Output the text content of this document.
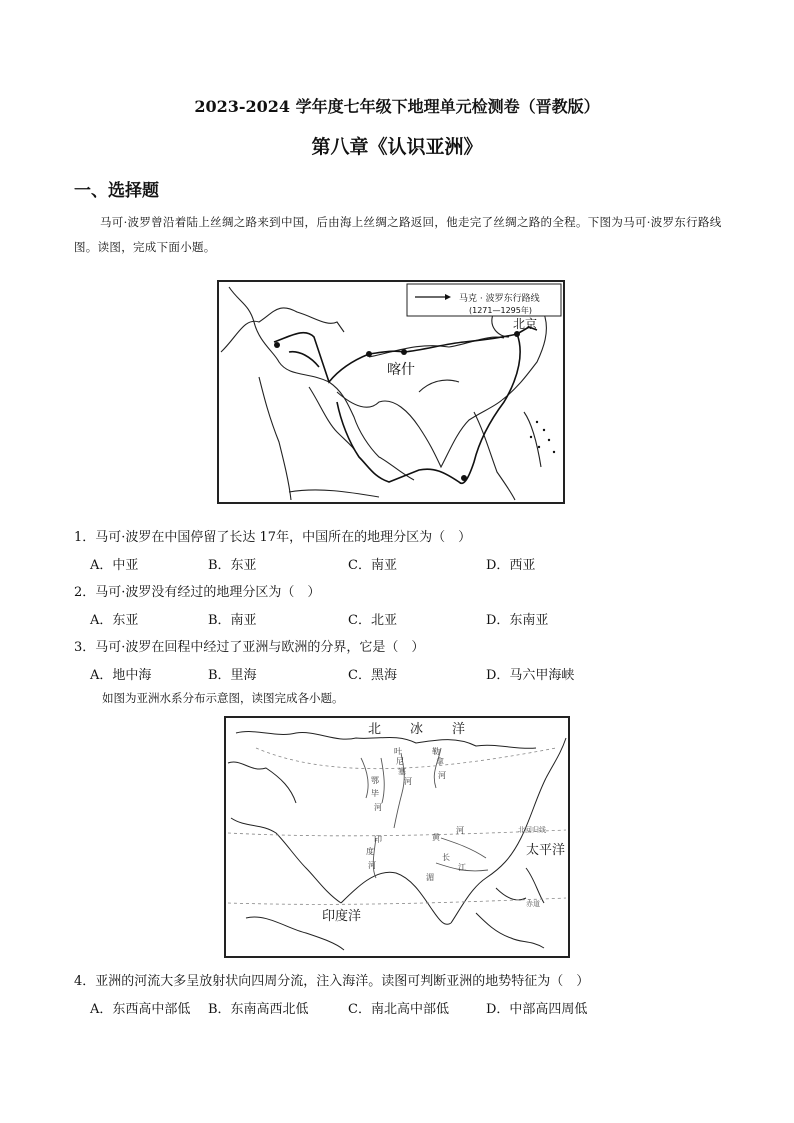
2023-2024 学年度七年级下地理单元检测卷（晋教版）
第八章《认识亚洲》
一、选择题
马可·波罗曾沿着陆上丝绸之路来到中国，后由海上丝绸之路返回，他走完了丝绸之路的全程。下图为马可·波罗东行路线图。读图，完成下面小题。
马克 · 波罗东行路线
(1271—1295年)
北京
喀什
1．马可·波罗在中国停留了长达 17年，中国所在的地理分区为（　）
A．中亚	B．东亚	C．南亚	D．西亚
2．马可·波罗没有经过的地理分区为（　）
A．东亚	B．南亚	C．北亚	D．东南亚
3．马可·波罗在回程中经过了亚洲与欧洲的分界，它是（　）
A．地中海	B．里海	C．黑海	D．马六甲海峡
如图为亚洲水系分布示意图，读图完成各小题。
北 冰 洋
太平洋
印度洋
北回归线
赤道
叶
尼
塞
河
鄂
毕
河
勒
拿
河
印
度
河
黄
河
长
江
湄
4．亚洲的河流大多呈放射状向四周分流，注入海洋。读图可判断亚洲的地势特征为（　）
A．东西高中部低 B．东南高西北低	C．南北高中部低	D．中部高四周低
